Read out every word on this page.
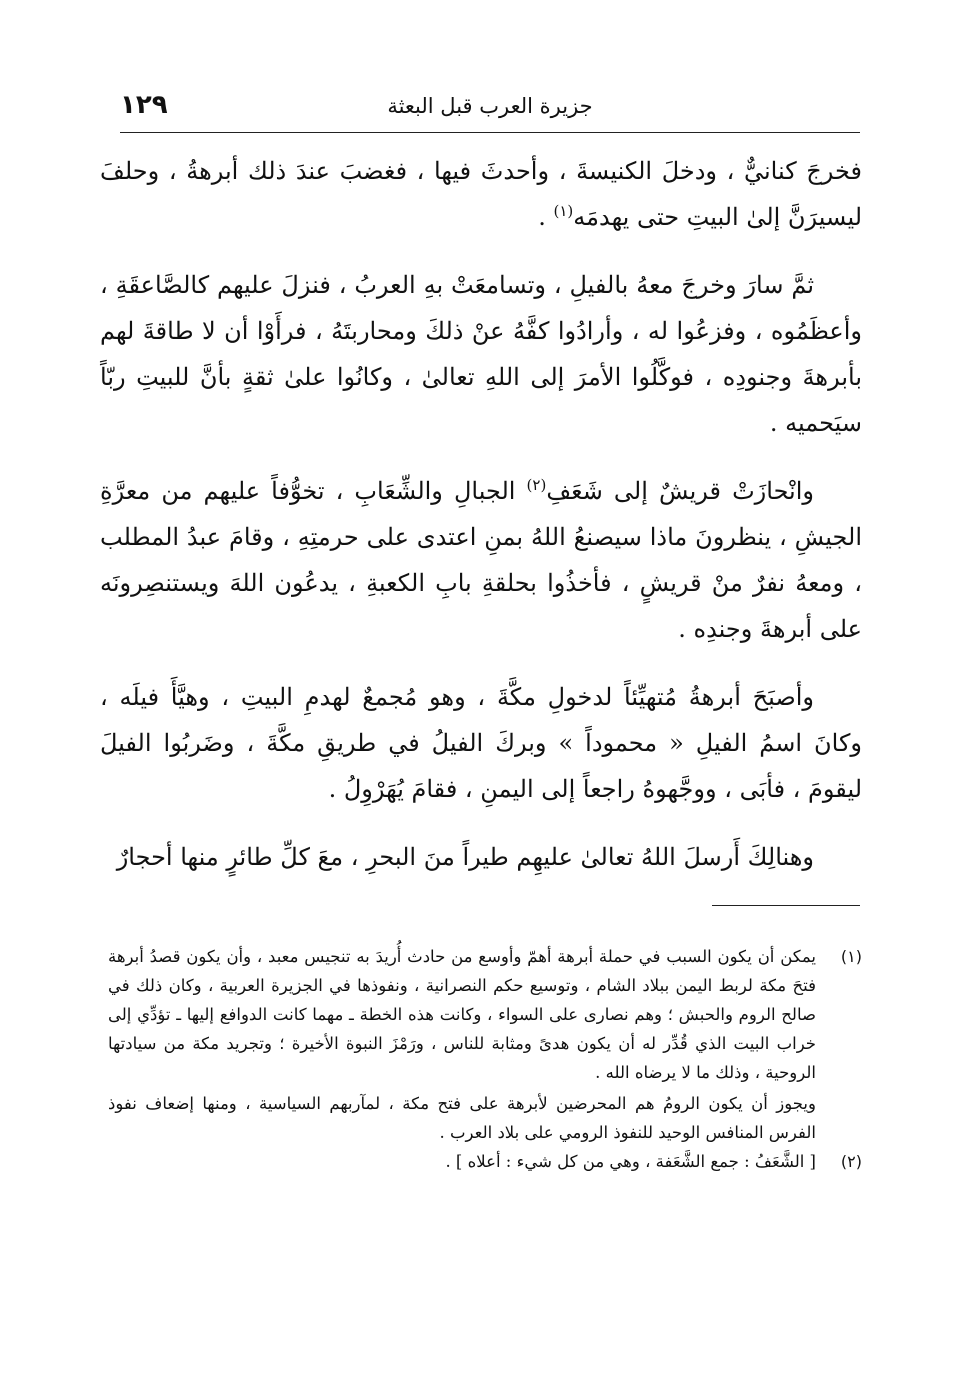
١٢٩	جزيرة العرب قبل البعثة

فخرجَ كنانيٌّ ، ودخلَ الكنيسةَ ، وأحدثَ فيها ، فغضبَ عندَ ذلك أبرهةُ ، وحلفَ ليسيرَنَّ إلىٰ البيتِ حتى يهدمَه$^{(١)}$ .

ثمَّ سارَ وخرجَ معهُ بالفيلِ ، وتسامعَتْ بهِ العربُ ، فنزلَ عليهم كالصَّاعقَةِ ، وأعظَمُوه ، وفزعُوا له ، وأرادُوا كفَّهُ عنْ ذلكَ ومحاربتَهُ ، فرأَوْا أن لا طاقةَ لهم بأبرهةَ وجنودِه ، فوكَّلُوا الأمرَ إلى اللهِ تعالىٰ ، وكانُوا علىٰ ثقةٍ بأنَّ للبيتِ ربّاً سيَحميه .

وانْحازَتْ قريشٌ إلى شَعَفِ$^{(٢)}$ الجبالِ والشِّعَابِ ، تخوُّفاً عليهم من معرَّةِ الجيشِ ، ينظرونَ ماذا سيصنعُ اللهُ بمنِ اعتدى على حرمتِهِ ، وقامَ عبدُ المطلب ، ومعهُ نفرٌ منْ قريشٍ ، فأخذُوا بحلقةِ بابِ الكعبةِ ، يدعُون اللهَ ويستنصِرونَه على أبرهةَ وجندِه .

وأصبَحَ أبرهةُ مُتهيِّئاً لدخولِ مكَّةَ ، وهو مُجمعٌ لهدمِ البيتِ ، وهيَّأَ فيلَه ، وكانَ اسمُ الفيلِ « محموداً » وبركَ الفيلُ في طريقِ مكَّةَ ، وضَربُوا الفيلَ ليقومَ ، فأبَى ، ووجَّهوهُ راجعاً إلى اليمنِ ، فقامَ يُهَرْوِلُ .

وهنالِكَ أَرسلَ اللهُ تعالىٰ عليهِم طيراً منَ البحرِ ، معَ كلِّ طائرٍ منها أحجارٌ

(١)
يمكن أن يكون السبب في حملة أبرهة أهمّ وأوسع من حادث أُريدَ به تنجيس معبد ، وأن يكون قصدُ أبرهة فتحَ مكة لربط اليمن ببلاد الشام ، وتوسيع حكم النصرانية ، ونفوذها في الجزيرة العربية ، وكان ذلك في صالح الروم والحبش ؛ وهم نصارى على السواء ، وكانت هذه الخطة ـ مهما كانت الدوافع إليها ـ تؤدِّي إلى خراب البيت الذي قُدِّر له أن يكون هدىً ومثابة للناس ، ورَمْزَ النبوة الأخيرة ؛ وتجريد مكة من سيادتها الروحية ، وذلك ما لا يرضاه الله .
ويجوز أن يكون الرومُ هم المحرضين لأبرهة على فتح مكة ، لمآربهم السياسية ، ومنها إضعاف نفوذ الفرس المنافس الوحيد للنفوذ الرومي على بلاد العرب .
(٢)
[ الشَّعَفُ : جمع الشَّعَفة ، وهي من كل شيء : أعلاه ] .
